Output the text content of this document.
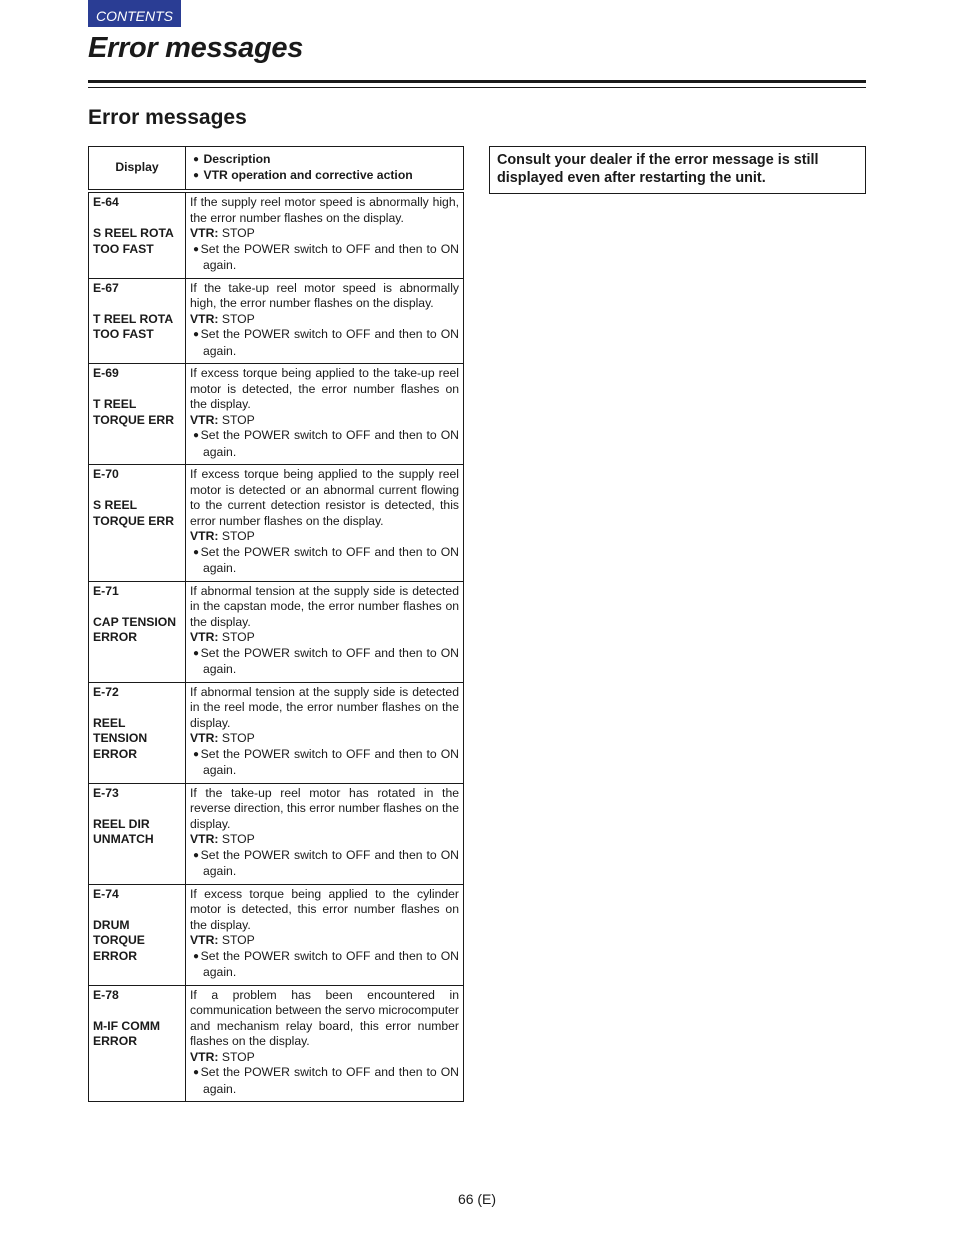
CONTENTS
Error messages
Error messages
Display	● Description
● VTR operation and corrective action

E-64
S REEL ROTA TOO FAST	If the supply reel motor speed is abnormally high, the error number flashes on the display.
VTR: STOP
●Set the POWER switch to OFF and then to ON again.

E-67
T REEL ROTA TOO FAST	If the take-up reel motor speed is abnormally high, the error number flashes on the display.
VTR: STOP
●Set the POWER switch to OFF and then to ON again.

E-69
T REEL TORQUE ERR	If excess torque being applied to the take-up reel motor is detected, the error number flashes on the display.
VTR: STOP
●Set the POWER switch to OFF and then to ON again.

E-70
S REEL TORQUE ERR	If excess torque being applied to the supply reel motor is detected or an abnormal current flowing to the current detection resistor is detected, this error number flashes on the display.
VTR: STOP
●Set the POWER switch to OFF and then to ON again.

E-71
CAP TENSION ERROR	If abnormal tension at the supply side is detected in the capstan mode, the error number flashes on the display.
VTR: STOP
●Set the POWER switch to OFF and then to ON again.

E-72
REEL TENSION ERROR	If abnormal tension at the supply side is detected in the reel mode, the error number flashes on the display.
VTR: STOP
●Set the POWER switch to OFF and then to ON again.

E-73
REEL DIR UNMATCH	If the take-up reel motor has rotated in the reverse direction, this error number flashes on the display.
VTR: STOP
●Set the POWER switch to OFF and then to ON again.

E-74
DRUM TORQUE ERROR	If excess torque being applied to the cylinder motor is detected, this error number flashes on the display.
VTR: STOP
●Set the POWER switch to OFF and then to ON again.

E-78
M-IF COMM ERROR	If a problem has been encountered in communication between the servo microcomputer and mechanism relay board, this error number flashes on the display.
VTR: STOP
●Set the POWER switch to OFF and then to ON again.
Consult your dealer if the error message is still displayed even after restarting the unit.
66 (E)
